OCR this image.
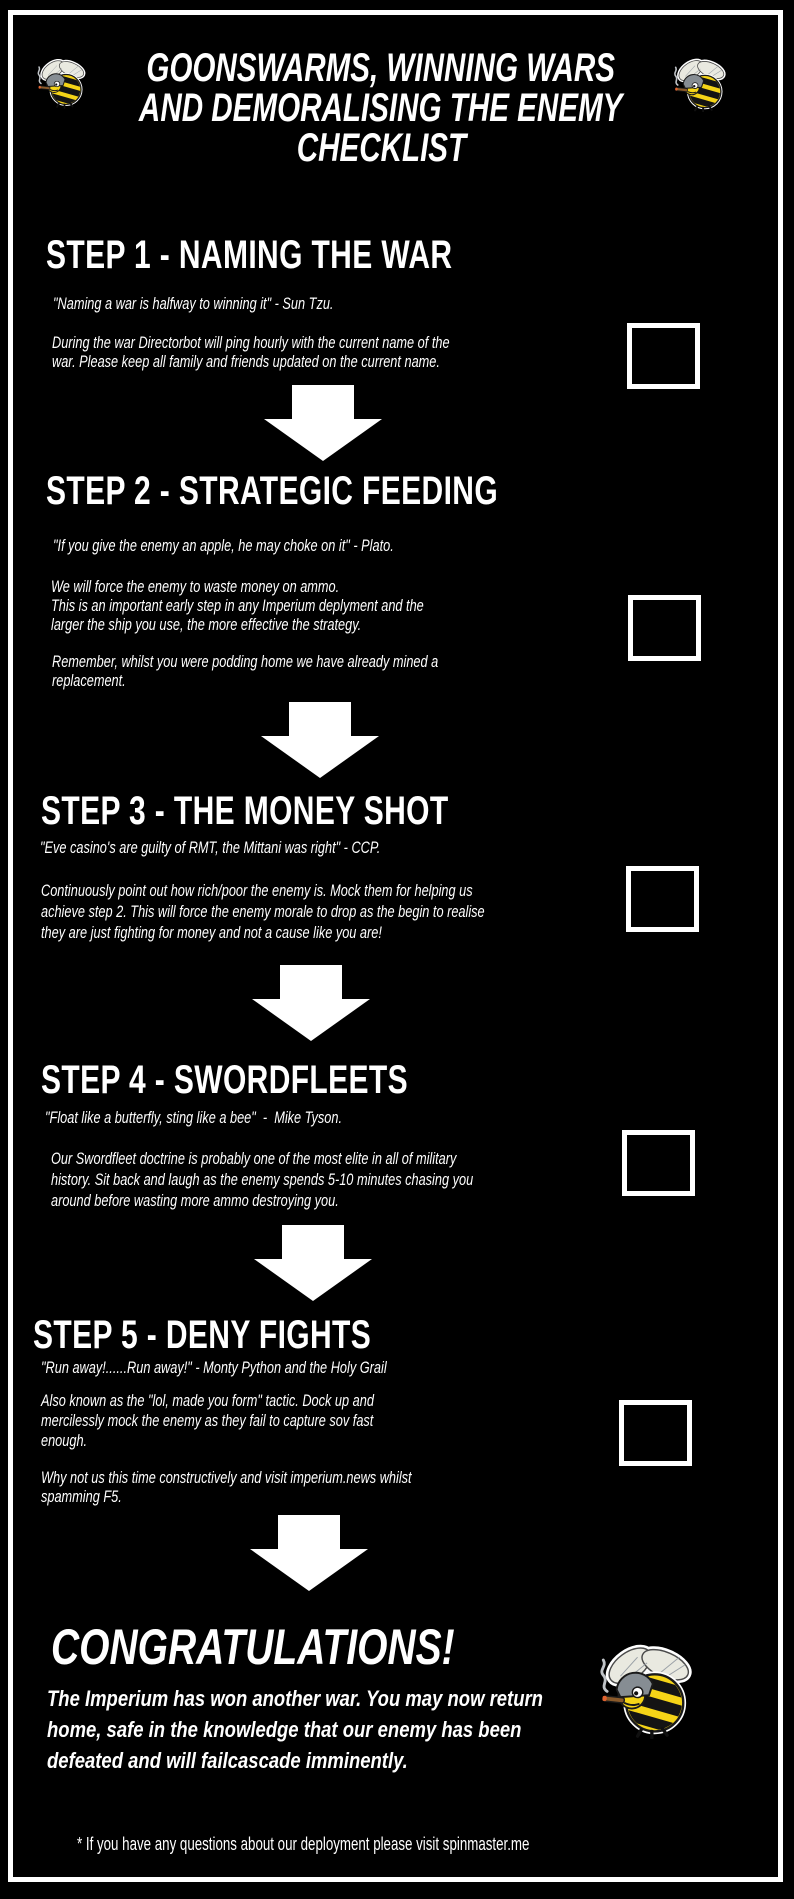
GOONSWARMS, WINNING WARS
AND DEMORALISING THE ENEMY
CHECKLIST
STEP 1 - NAMING THE WAR
"Naming a war is halfway to winning it" - Sun Tzu.
During the war Directorbot will ping hourly with the current name of the
war. Please keep all family and friends updated on the current name.
STEP 2 - STRATEGIC FEEDING
"If you give the enemy an apple, he may choke on it" - Plato.
We will force the enemy to waste money on ammo.
This is an important early step in any Imperium deplyment and the
larger the ship you use, the more effective the strategy.
Remember, whilst you were podding home we have already mined a
replacement.
STEP 3 - THE MONEY SHOT
"Eve casino's are guilty of RMT, the Mittani was right" - CCP.
Continuously point out how rich/poor the enemy is. Mock them for helping us
achieve step 2. This will force the enemy morale to drop as the begin to realise
they are just fighting for money and not a cause like you are!
STEP 4 - SWORDFLEETS
"Float like a butterfly, sting like a bee"  -  Mike Tyson.
Our Swordfleet doctrine is probably one of the most elite in all of military
history. Sit back and laugh as the enemy spends 5-10 minutes chasing you
around before wasting more ammo destroying you.
STEP 5 - DENY FIGHTS
"Run away!......Run away!" - Monty Python and the Holy Grail
Also known as the "lol, made you form" tactic. Dock up and
mercilessly mock the enemy as they fail to capture sov fast
enough.
Why not us this time constructively and visit imperium.news whilst
spamming F5.
CONGRATULATIONS!
The Imperium has won another war. You may now return
home, safe in the knowledge that our enemy has been
defeated and will failcascade imminently.
* If you have any questions about our deployment please visit spinmaster.me
